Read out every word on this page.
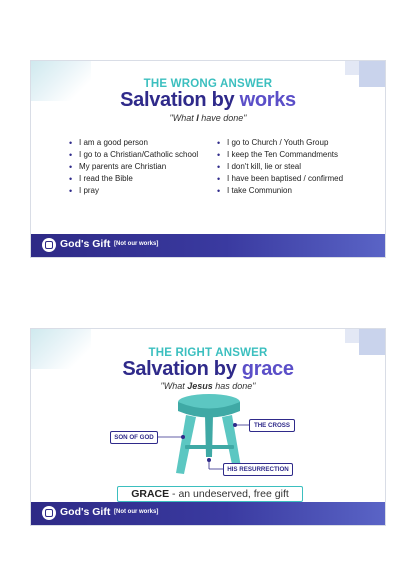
THE WRONG ANSWER
Salvation by works
"What I have done"
• I am a good person
• I go to a Christian/Catholic school
• My parents are Christian
• I read the Bible
• I pray
• I go to Church / Youth Group
• I keep the Ten Commandments
• I don't kill, lie or steal
• I have been baptised / confirmed
• I take Communion
God's Gift [Not our works]
THE RIGHT ANSWER
Salvation by grace
"What Jesus has done"
SON OF GOD
THE CROSS
HIS RESURRECTION
GRACE - an undeserved, free gift
God's Gift [Not our works]
